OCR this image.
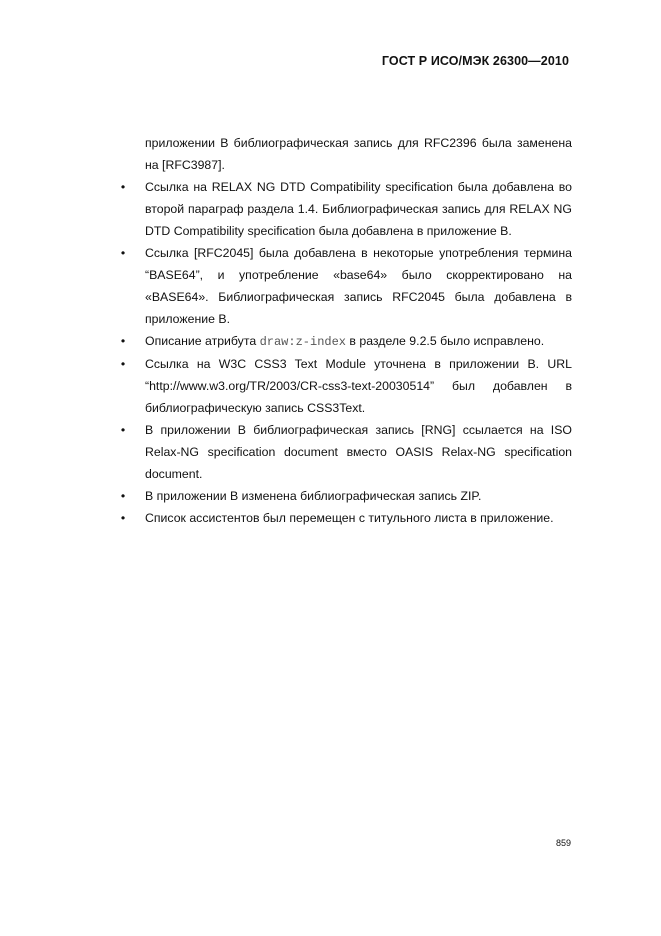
ГОСТ Р ИСО/МЭК 26300—2010

приложении В библиографическая запись для RFC2396 была заменена на [RFC3987].

• Ссылка на RELAX NG DTD Compatibility specification была добавлена во второй параграф раздела 1.4. Библиографическая запись для RELAX NG DTD Compatibility specification была добавлена в приложение В.
• Ссылка [RFC2045] была добавлена в некоторые употребления термина “BASE64”, и употребление «base64» было скорректировано на «BASE64». Библиографическая запись RFC2045 была добавлена в приложение В.
• Описание атрибута draw:z-index в разделе 9.2.5 было исправлено.
• Ссылка на W3C CSS3 Text Module уточнена в приложении В. URL “http://www.w3.org/TR/2003/CR-css3-text-20030514” был добавлен в библиографическую запись CSS3Text.
• В приложении В библиографическая запись [RNG] ссылается на ISO Relax-NG specification document вместо OASIS Relax-NG specification document.
• В приложении В изменена библиографическая запись ZIP.
• Список ассистентов был перемещен с титульного листа в приложение.
859
